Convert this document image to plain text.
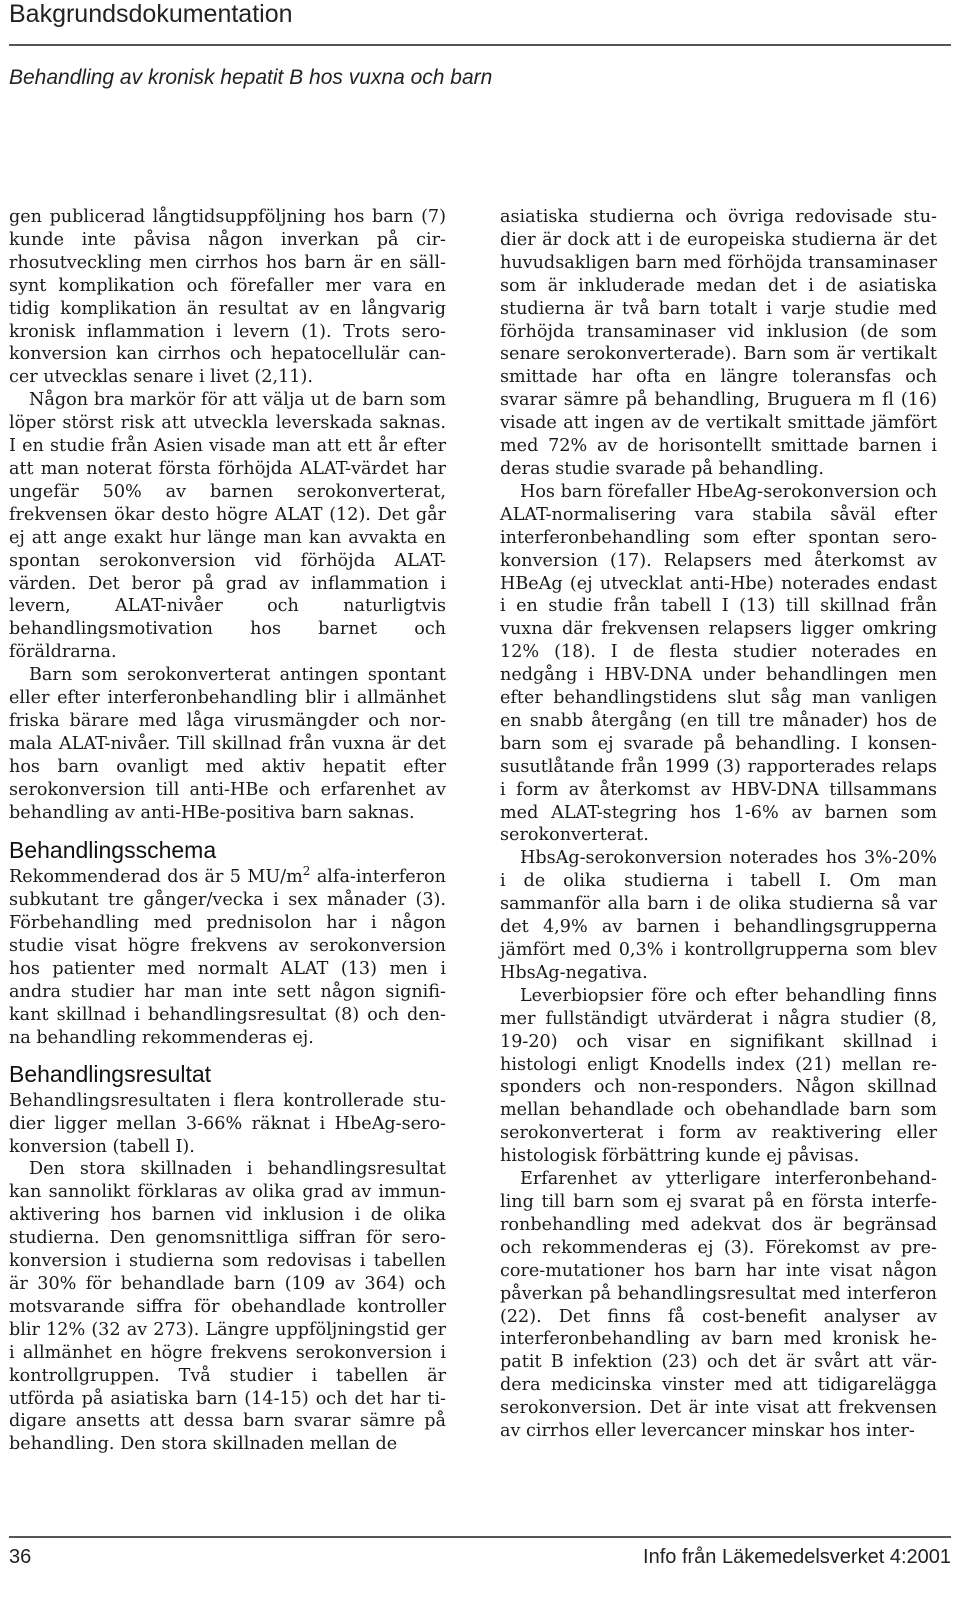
Bakgrundsdokumentation
Behandling av kronisk hepatit B hos vuxna och barn

gen publicerad långtidsuppföljning hos barn (7) kunde inte påvisa någon inverkan på cirrhosutveckling men cirrhos hos barn är en sällsynt komplikation och förefaller mer vara en tidig komplikation än resultat av en långvarig kronisk inflammation i levern (1). Trots serokonversion kan cirrhos och hepatocellulär cancer utvecklas senare i livet (2,11).

Någon bra markör för att välja ut de barn som löper störst risk att utveckla leverskada saknas. I en studie från Asien visade man att ett år efter att man noterat första förhöjda ALAT-värdet har ungefär 50% av barnen serokonverterat, frekvensen ökar desto högre ALAT (12). Det går ej att ange exakt hur länge man kan avvakta en spontan serokonversion vid förhöjda ALAT-värden. Det beror på grad av inflammation i levern, ALAT-nivåer och naturligtvis behandlingsmotivation hos barnet och föräldrarna.

Barn som serokonverterat antingen spontant eller efter interferonbehandling blir i allmänhet friska bärare med låga virusmängder och normala ALAT-nivåer. Till skillnad från vuxna är det hos barn ovanligt med aktiv hepatit efter serokonversion till anti-HBe och erfarenhet av behandling av anti-HBe-positiva barn saknas.

Behandlingsschema

Rekommenderad dos är 5 $MU/m^2$ alfa-interferon subkutant tre gånger/vecka i sex månader (3). Förbehandling med prednisolon har i någon studie visat högre frekvens av serokonversion hos patienter med normalt ALAT (13) men i andra studier har man inte sett någon signifikant skillnad i behandlingsresultat (8) och denna behandling rekommenderas ej.

Behandlingsresultat

Behandlingsresultaten i flera kontrollerade studier ligger mellan 3-66% räknat i HbeAg-serokonversion (tabell I).

Den stora skillnaden i behandlingsresultat kan sannolikt förklaras av olika grad av immunaktivering hos barnen vid inklusion i de olika studierna. Den genomsnittliga siffran för serokonversion i studierna som redovisas i tabellen är 30% för behandlade barn (109 av 364) och motsvarande siffra för obehandlade kontroller blir 12% (32 av 273). Längre uppföljningstid ger i allmänhet en högre frekvens serokonversion i kontrollgruppen. Två studier i tabellen är utförda på asiatiska barn (14-15) och det har tidigare ansetts att dessa barn svarar sämre på behandling. Den stora skillnaden mellan de

asiatiska studierna och övriga redovisade studier är dock att i de europeiska studierna är det huvudsakligen barn med förhöjda transaminaser som är inkluderade medan det i de asiatiska studierna är två barn totalt i varje studie med förhöjda transaminaser vid inklusion (de som senare serokonverterade). Barn som är vertikalt smittade har ofta en längre toleransfas och svarar sämre på behandling, Bruguera m fl (16) visade att ingen av de vertikalt smittade jämfört med 72% av de horisontellt smittade barnen i deras studie svarade på behandling.

Hos barn förefaller HbeAg-serokonversion och ALAT-normalisering vara stabila såväl efter interferonbehandling som efter spontan serokonversion (17). Relapsers med återkomst av HBeAg (ej utvecklat anti-Hbe) noterades endast i en studie från tabell I (13) till skillnad från vuxna där frekvensen relapsers ligger omkring 12% (18). I de flesta studier noterades en nedgång i HBV-DNA under behandlingen men efter behandlingstidens slut såg man vanligen en snabb återgång (en till tre månader) hos de barn som ej svarade på behandling. I konsensusutlåtande från 1999 (3) rapporterades relaps i form av återkomst av HBV-DNA tillsammans med ALAT-stegring hos 1-6% av barnen som serokonverterat.

HbsAg-serokonversion noterades hos 3%-20% i de olika studierna i tabell I. Om man sammanför alla barn i de olika studierna så var det 4,9% av barnen i behandlingsgrupperna jämfört med 0,3% i kontrollgrupperna som blev HbsAg-negativa.

Leverbiopsier före och efter behandling finns mer fullständigt utvärderat i några studier (8, 19-20) och visar en signifikant skillnad i histologi enligt Knodells index (21) mellan responders och non-responders. Någon skillnad mellan behandlade och obehandlade barn som serokonverterat i form av reaktivering eller histologisk förbättring kunde ej påvisas.

Erfarenhet av ytterligare interferonbehandling till barn som ej svarat på en första interferonbehandling med adekvat dos är begränsad och rekommenderas ej (3). Förekomst av precore-mutationer hos barn har inte visat någon påverkan på behandlingsresultat med interferon (22). Det finns få cost-benefit analyser av interferonbehandling av barn med kronisk hepatit B infektion (23) och det är svårt att värdera medicinska vinster med att tidigarelägga serokonversion. Det är inte visat att frekvensen av cirrhos eller levercancer minskar hos inter-

36	Info från Läkemedelsverket 4:2001
